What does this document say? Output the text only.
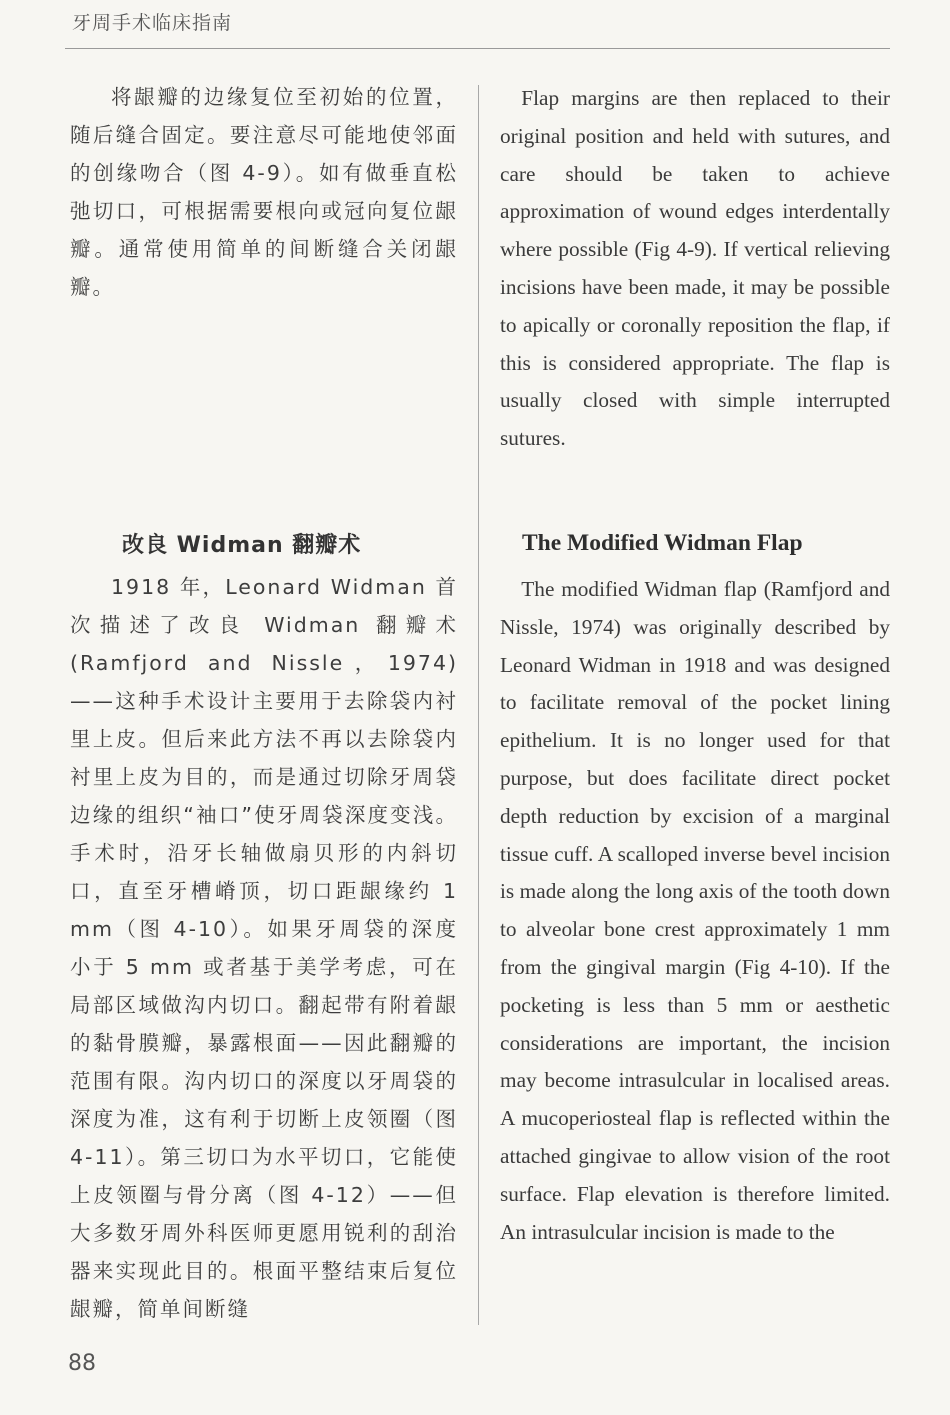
牙周手术临床指南

将龈瓣的边缘复位至初始的位置，随后缝合固定。要注意尽可能地使邻面的创缘吻合（图 4-9）。如有做垂直松弛切口，可根据需要根向或冠向复位龈瓣。通常使用简单的间断缝合关闭龈瓣。

Flap margins are then replaced to their original position and held with sutures, and care should be taken to achieve approximation of wound edges interdentally where possible (Fig 4-9). If vertical relieving incisions have been made, it may be possible to apically or coronally reposition the flap, if this is considered appropriate. The flap is usually closed with simple interrupted sutures.

改良 Widman 翻瓣术	The Modified Widman Flap

1918 年，Leonard Widman 首次描述了改良 Widman 翻瓣术 (Ramfjord and Nissle，1974) ——这种手术设计主要用于去除袋内衬里上皮。但后来此方法不再以去除袋内衬里上皮为目的，而是通过切除牙周袋边缘的组织“袖口”使牙周袋深度变浅。手术时，沿牙长轴做扇贝形的内斜切口，直至牙槽嵴顶，切口距龈缘约 1 mm（图 4-10）。如果牙周袋的深度小于 5 mm 或者基于美学考虑，可在局部区域做沟内切口。翻起带有附着龈的黏骨膜瓣，暴露根面——因此翻瓣的范围有限。沟内切口的深度以牙周袋的深度为准，这有利于切断上皮领圈（图 4-11）。第三切口为水平切口，它能使上皮领圈与骨分离（图 4-12）——但大多数牙周外科医师更愿用锐利的刮治器来实现此目的。根面平整结束后复位龈瓣，简单间断缝

The modified Widman flap (Ramfjord and Nissle, 1974) was originally described by Leonard Widman in 1918 and was designed to facilitate removal of the pocket lining epithelium. It is no longer used for that purpose, but does facilitate direct pocket depth reduction by excision of a marginal tissue cuff. A scalloped inverse bevel incision is made along the long axis of the tooth down to alveolar bone crest approximately 1 mm from the gingival margin (Fig 4-10). If the pocketing is less than 5 mm or aesthetic considerations are important, the incision may become intrasulcular in localised areas. A mucoperiosteal flap is reflected within the attached gingivae to allow vision of the root surface. Flap elevation is therefore limited. An intrasulcular incision is made to the

88
